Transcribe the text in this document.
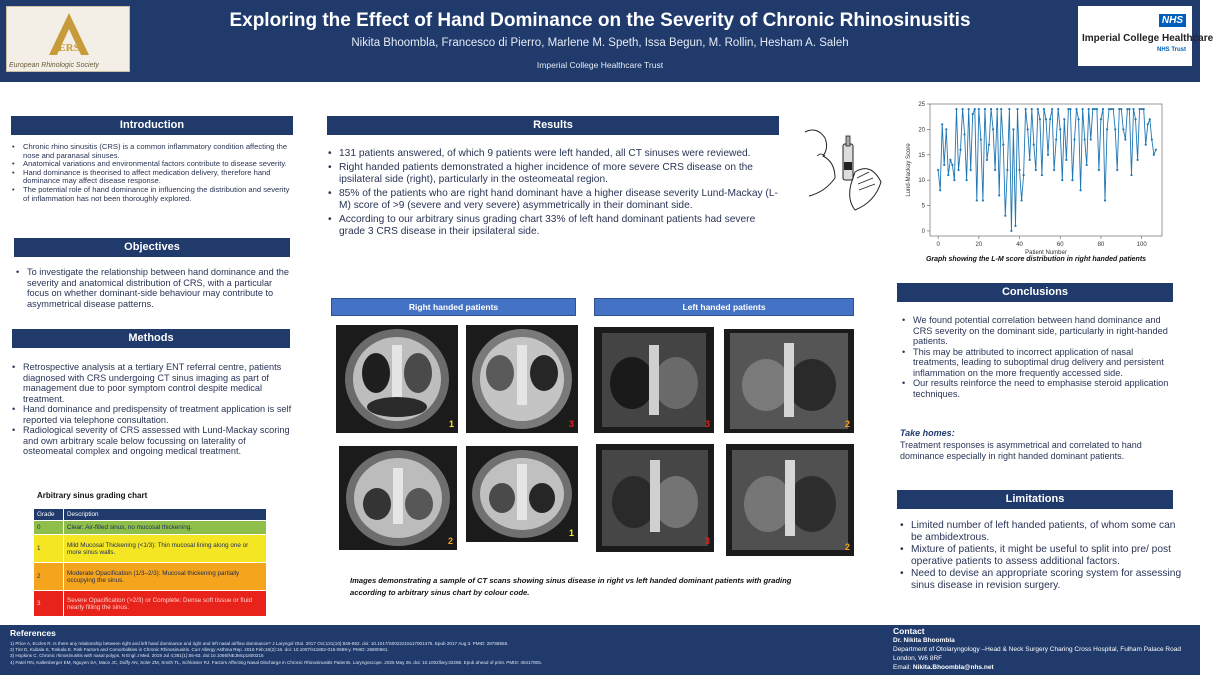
ERS
European Rhinologic Society
Exploring the Effect of Hand Dominance on the Severity of Chronic Rhinosinusitis
Nikita Bhoombla, Francesco di Pierro, Marlene M. Speth, Issa Begun, M. Rollin, Hesham A. Saleh
Imperial College Healthcare Trust
NHS
Imperial College Healthcare
NHS Trust
Introduction
• Chronic rhino sinusitis (CRS) is a common inflammatory condition affecting the nose and paranasal sinuses.
• Anatomical variations and environmental factors contribute to disease severity.
• Hand dominance is theorised to affect medication delivery, therefore hand dominance may affect disease response.
• The potential role of hand dominance in influencing the distribution and severity of inflammation has not been thoroughly explored.
Objectives
• To investigate the relationship between hand dominance and the severity and anatomical distribution of CRS, with a particular focus on whether dominant-side behaviour may contribute to asymmetrical disease patterns.
Methods
• Retrospective analysis at a tertiary ENT referral centre, patients diagnosed with CRS undergoing CT sinus imaging as part of management due to poor symptom control despite medical treatment.
• Hand dominance and predispensity of treatment application is self reported via telephone consultation.
• Radiological severity of CRS assessed with Lund-Mackay scoring and own arbitrary scale below focussing on laterality of osteomeatal complex and ongoing medical treatment.
Arbitrary sinus grading chart
Grade	Description
0	Clear: Air-filled sinus, no mucosal thickening.
1	Mild Mucosal Thickening (<1/3): Thin mucosal lining along one or more sinus walls.
2	Moderate Opacification (1/3–2/3): Mucosal thickening partially occupying the sinus.
3	Severe Opacification (>2/3) or Complete: Dense soft tissue or fluid nearly filling the sinus.
Results
• 131 patients answered, of which 9 patients were left handed, all CT sinuses were reviewed.
• Right handed patients demonstrated a higher incidence of more severe CRS disease on the ipsilateral side (right), particularly in the osteomeatal region.
• 85% of the patients who are right hand dominant have a higher disease severity Lund-Mackay (L-M) score of >9 (severe and very severe) asymmetrically in their dominant side.
• According to our arbitrary sinus grading chart 33% of left hand dominant patients had severe grade 3 CRS disease in their ipsilateral side.
Right handed patients	Left handed patients
1	3	3	2
2
1
3
2
Images demonstrating a sample of CT scans showing sinus disease in right vs left handed dominant patients with grading according to arbitrary sinus chart by colour code.
0	20	40	60	80	100
0
5
10
15
20
25
Patient Number
Lund-Mackay Score
Graph showing the L-M score distribution in right handed patients
Conclusions
• We found potential correlation between hand dominance and CRS severity on the dominant side, particularly in right-handed patients.
• This may be attributed to incorrect application of nasal treatments, leading to suboptimal drug delivery and persistent inflammation on the more frequently accessed side.
• Our results reinforce the need to emphasise steroid application techniques.
Take homes:
Treatment responses is asymmetrical and correlated to hand dominance especially in right handed dominant patients.
Limitations
• Limited number of left handed patients, of whom some can be ambidextrous.
• Mixture of patients, it might be useful to split into pre/ post operative patients to assess additional factors.
• Need to devise an appropriate scoring system for assessing sinus disease in revision surgery.
References
1) Price A, Eccles R. Is there any relationship between right and left hand dominance and right and left nasal airflow dominance? J Laryngol Otol. 2017 Oct;131(10):846-852. doi: 10.1017/S0022215117001475. Epub 2017 Aug 3. PMID: 28768555.
2) Tint D, Kubala S, Toskala E. Risk Factors and Comorbidities in Chronic Rhinosinusitis. Curr Allergy Asthma Rep. 2016 Feb;16(2):16. doi: 10.1007/s11882-015-0589-y. PMID: 26800681.
3) Hopkins C. Chronic rhinosinusitis with nasal polyps. N Engl J Med. 2019 Jul 4;381(1):55-63. doi:10.1056/NEJMcp1800215
4) Patel RN, Kallenberger EM, Nguyen SA, Mace JC, Duffy AN, Soler ZM, Smith TL, Schlosser RJ. Factors Affecting Nasal Discharge in Chronic Rhinosinusitis Patients. Laryngoscope. 2025 May 26. doi: 10.1002/lary.32288. Epub ahead of print. PMID: 40417805.
Contact
Dr. Nikita Bhoombla
Department of Otolaryngology –Head & Neck Surgery Charing Cross Hospital, Fulham Palace Road
London, W6 8RF
Email: Nikita.Bhoombla@nhs.net
